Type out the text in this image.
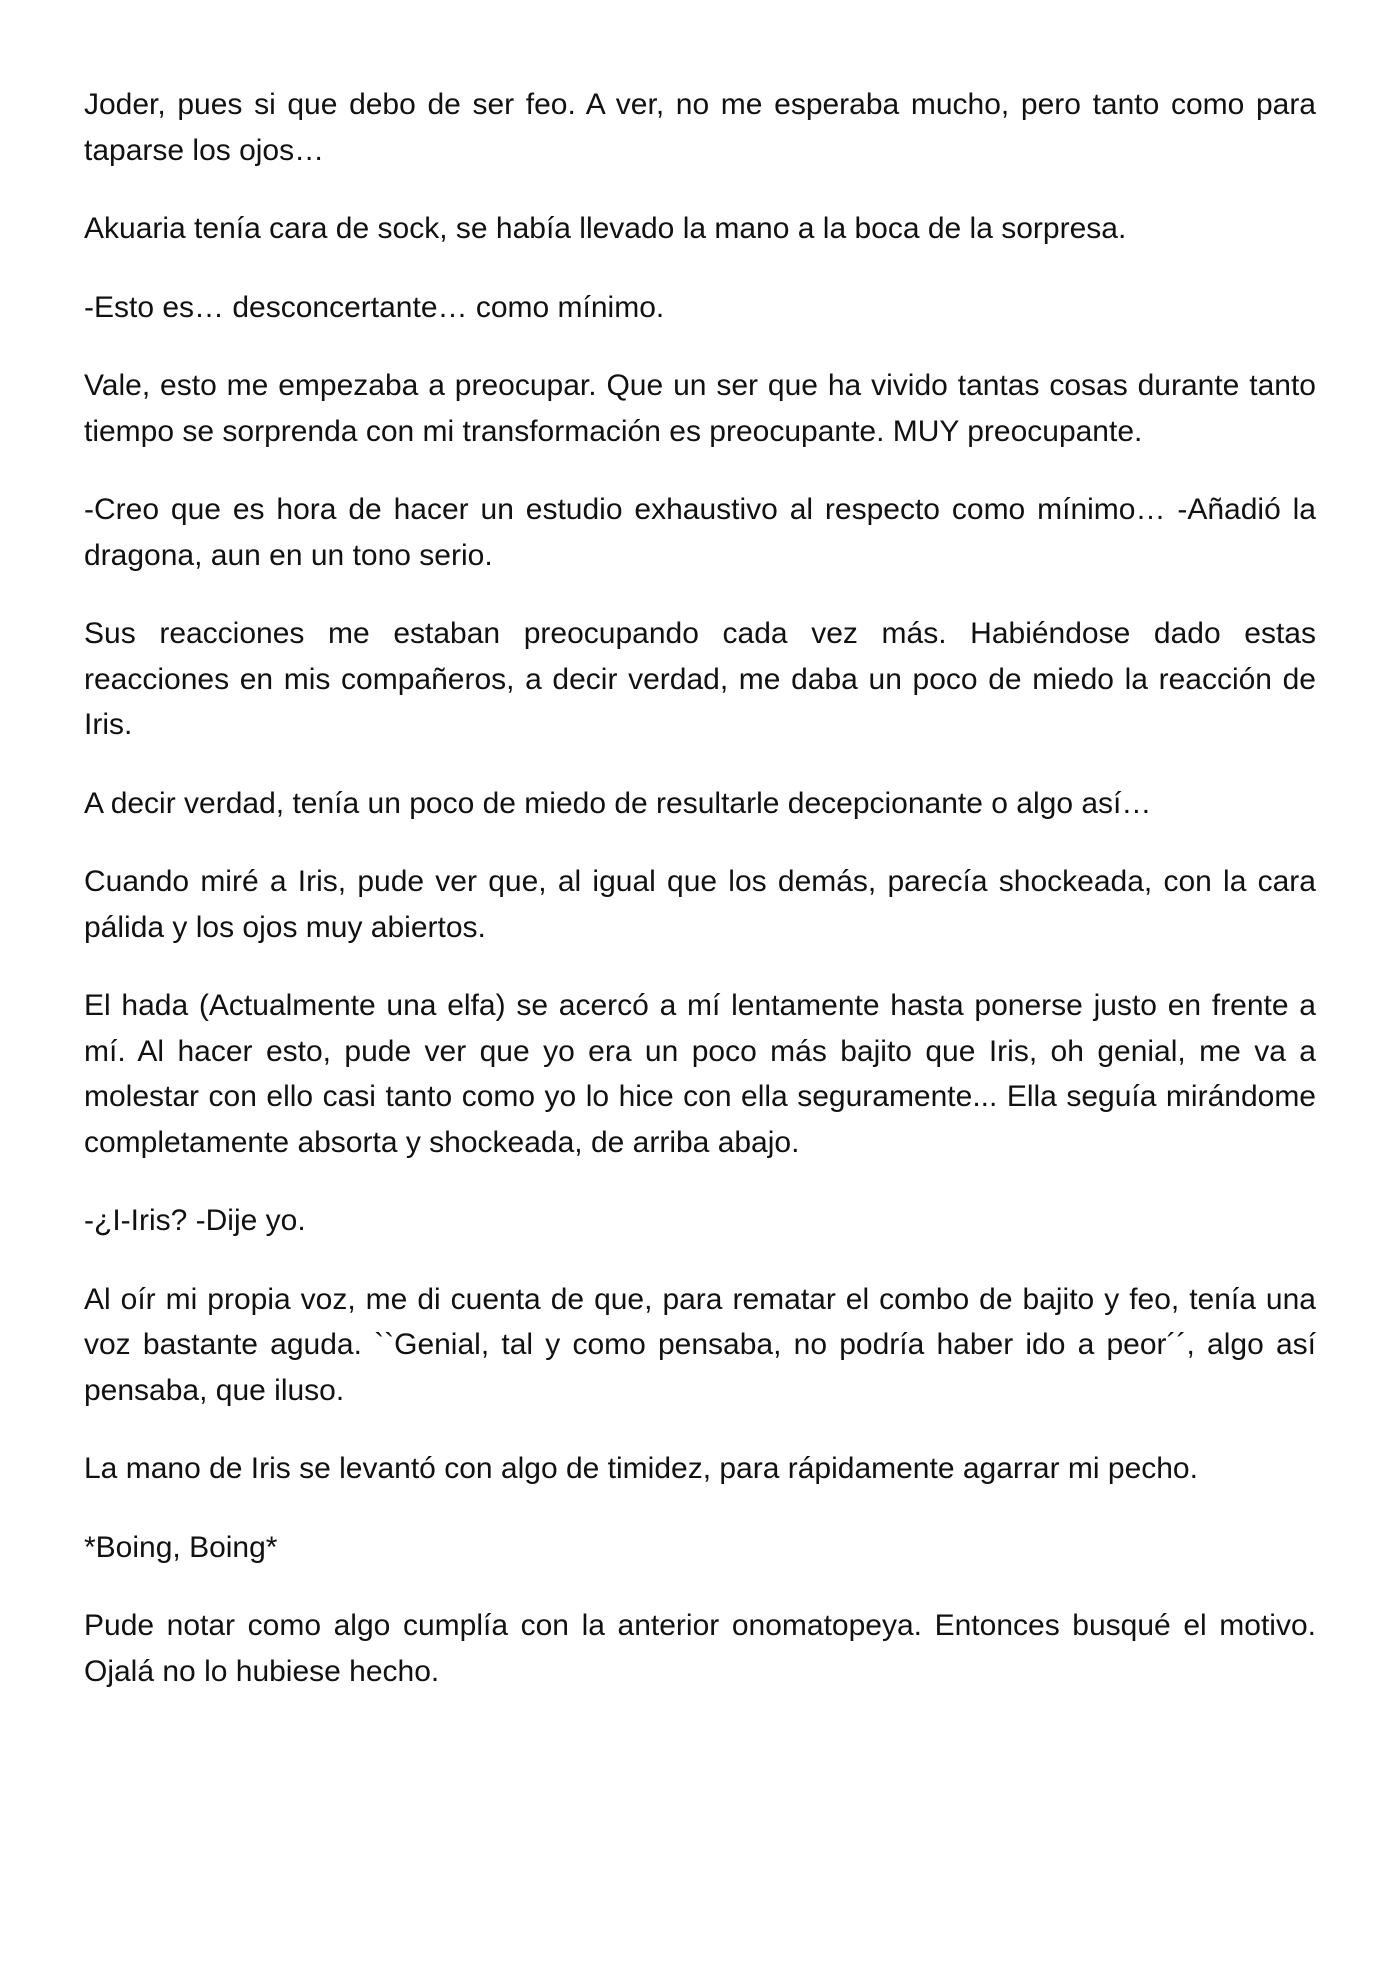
Joder, pues si que debo de ser feo. A ver, no me esperaba mucho, pero tanto como para taparse los ojos…

Akuaria tenía cara de sock, se había llevado la mano a la boca de la sorpresa.

-Esto es… desconcertante… como mínimo.

Vale, esto me empezaba a preocupar. Que un ser que ha vivido tantas cosas durante tanto tiempo se sorprenda con mi transformación es preocupante. MUY preocupante.

-Creo que es hora de hacer un estudio exhaustivo al respecto como mínimo… -Añadió la dragona, aun en un tono serio.

Sus reacciones me estaban preocupando cada vez más. Habiéndose dado estas reacciones en mis compañeros, a decir verdad, me daba un poco de miedo la reacción de Iris.

A decir verdad, tenía un poco de miedo de resultarle decepcionante o algo así…

Cuando miré a Iris, pude ver que, al igual que los demás, parecía shockeada, con la cara pálida y los ojos muy abiertos.

El hada (Actualmente una elfa) se acercó a mí lentamente hasta ponerse justo en frente a mí. Al hacer esto, pude ver que yo era un poco más bajito que Iris, oh genial, me va a molestar con ello casi tanto como yo lo hice con ella seguramente... Ella seguía mirándome completamente absorta y shockeada, de arriba abajo.

-¿I-Iris? -Dije yo.

Al oír mi propia voz, me di cuenta de que, para rematar el combo de bajito y feo, tenía una voz bastante aguda. ``Genial, tal y como pensaba, no podría haber ido a peor´´, algo así pensaba, que iluso.

La mano de Iris se levantó con algo de timidez, para rápidamente agarrar mi pecho.

*Boing, Boing*

Pude notar como algo cumplía con la anterior onomatopeya. Entonces busqué el motivo. Ojalá no lo hubiese hecho.
